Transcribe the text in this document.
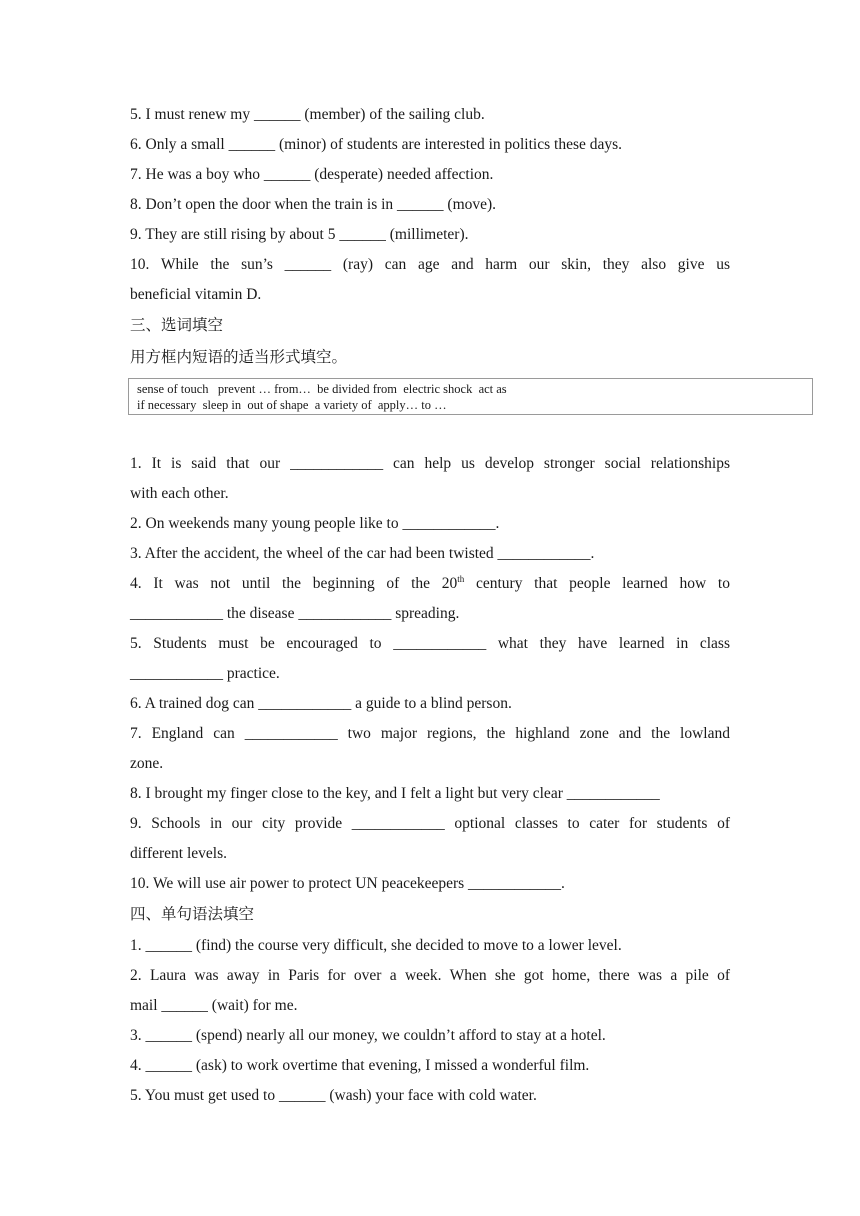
5. I must renew my ______ (member) of the sailing club.
6. Only a small ______ (minor) of students are interested in politics these days.
7. He was a boy who ______ (desperate) needed affection.
8. Don’t open the door when the train is in ______ (move).
9. They are still rising by about 5 ______ (millimeter).
10. While the sun’s ______ (ray) can age and harm our skin, they also give us
beneficial vitamin D.
三、选词填空
用方框内短语的适当形式填空。
sense of touch   prevent … from…  be divided from  electric shock  act as
if necessary  sleep in  out of shape  a variety of  apply… to …
1. It is said that our ____________ can help us develop stronger social relationships
with each other.
2. On weekends many young people like to ____________.
3. After the accident, the wheel of the car had been twisted ____________.
4. It was not until the beginning of the 20th century that people learned how to
____________ the disease ____________ spreading.
5. Students must be encouraged to ____________ what they have learned in class
____________ practice.
6. A trained dog can ____________ a guide to a blind person.
7. England can ____________ two major regions, the highland zone and the lowland
zone.
8. I brought my finger close to the key, and I felt a light but very clear ____________
9. Schools in our city provide ____________ optional classes to cater for students of
different levels.
10. We will use air power to protect UN peacekeepers ____________.
四、单句语法填空
1. ______ (find) the course very difficult, she decided to move to a lower level.
2. Laura was away in Paris for over a week. When she got home, there was a pile of
mail ______ (wait) for me.
3. ______ (spend) nearly all our money, we couldn’t afford to stay at a hotel.
4. ______ (ask) to work overtime that evening, I missed a wonderful film.
5. You must get used to ______ (wash) your face with cold water.
